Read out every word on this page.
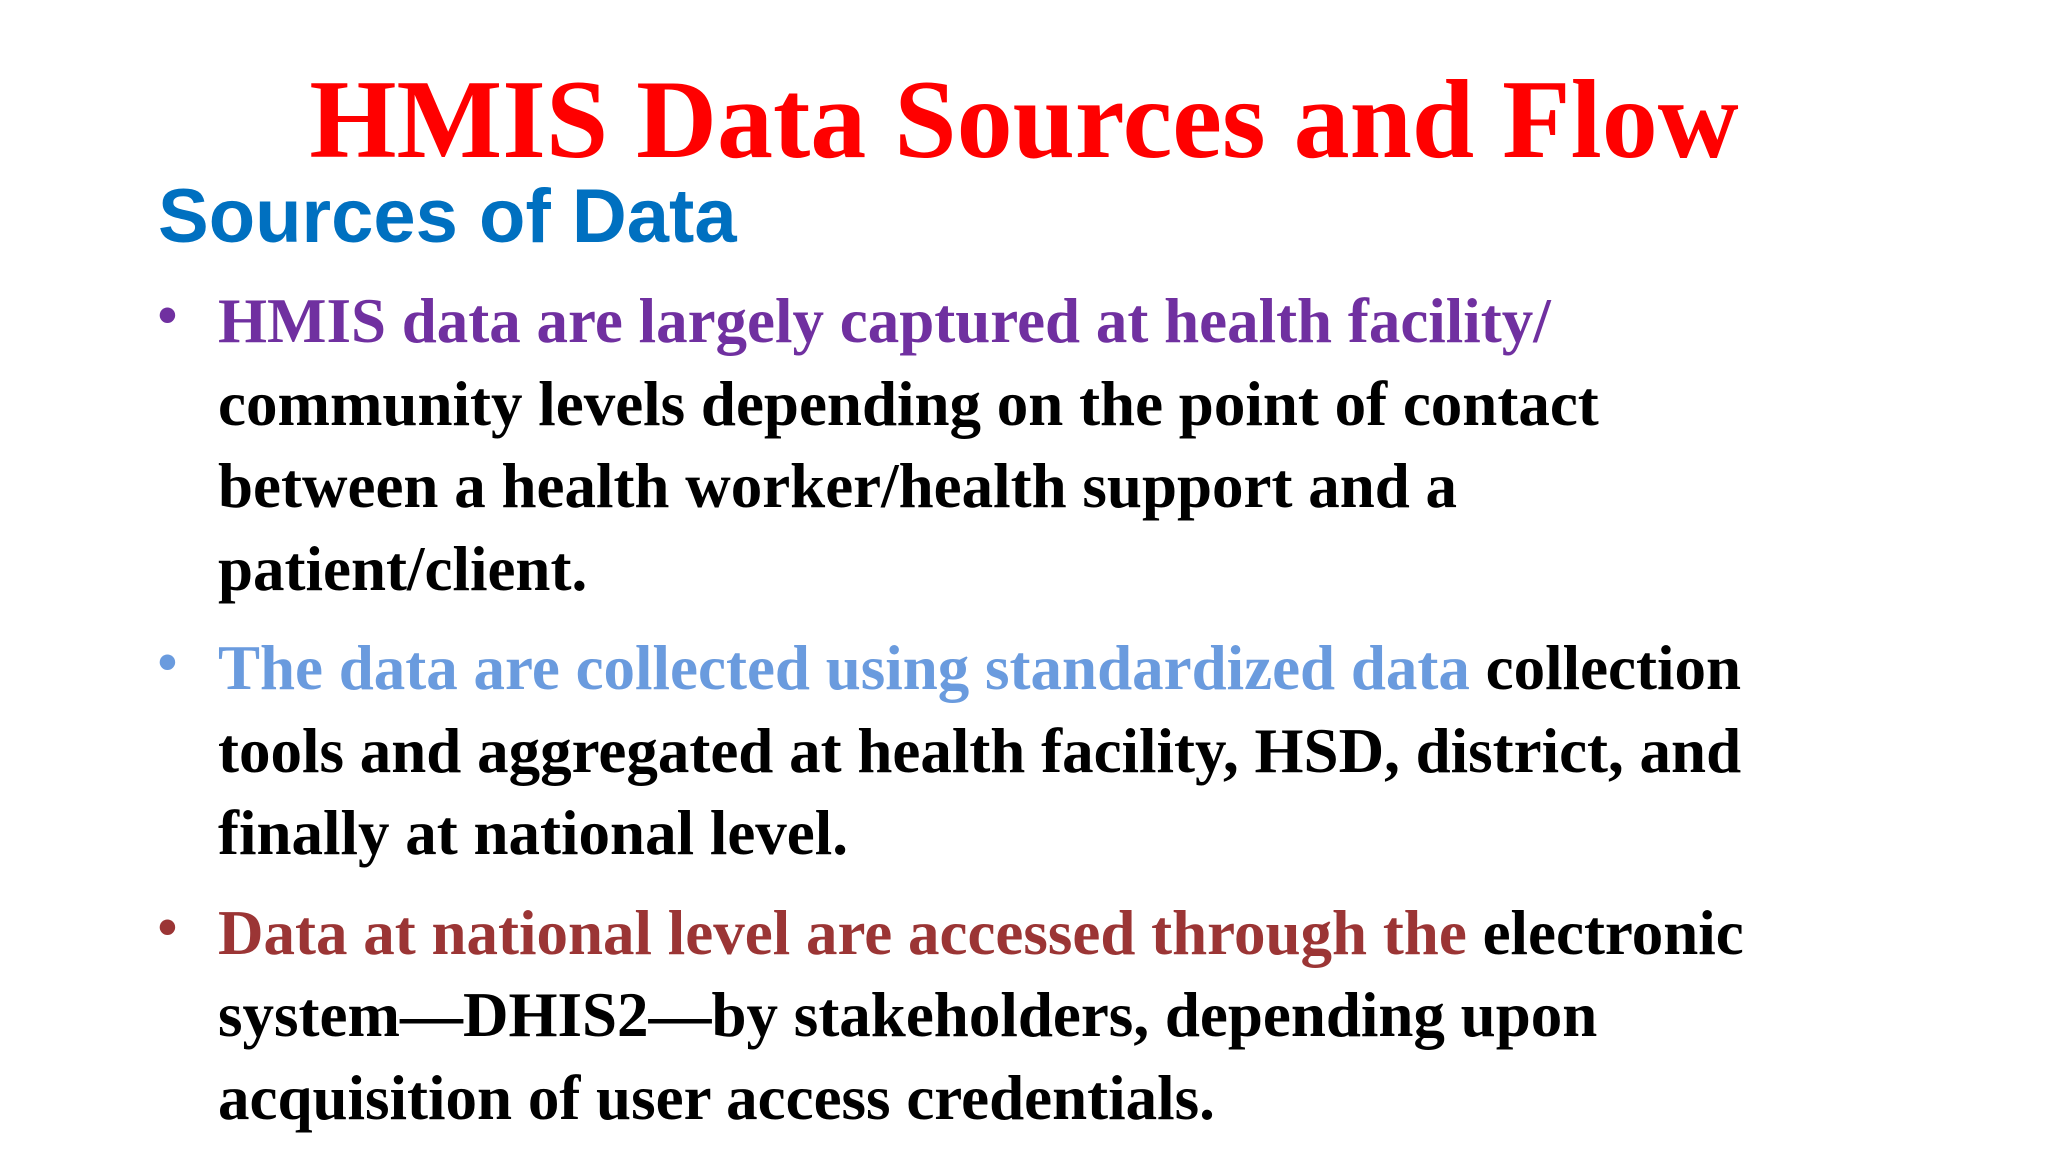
HMIS Data Sources and Flow
Sources of Data
• HMIS data are largely captured at health facility/
community levels depending on the point of contact
between a health worker/health support and a
patient/client.
• The data are collected using standardized data collection
tools and aggregated at health facility, HSD, district, and
finally at national level.
• Data at national level are accessed through the electronic
system—DHIS2—by stakeholders, depending upon
acquisition of user access credentials.
